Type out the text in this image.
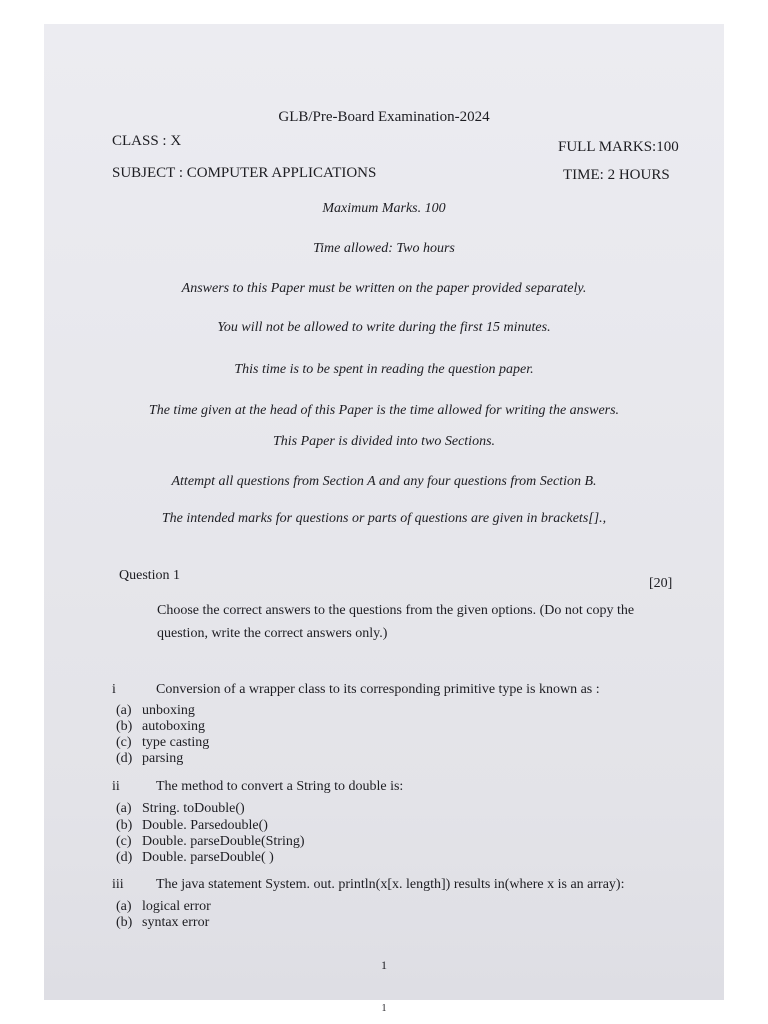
GLB/Pre-Board Examination-2024
CLASS : X	FULL MARKS:100
SUBJECT : COMPUTER APPLICATIONS	TIME: 2 HOURS
Maximum Marks. 100
Time allowed: Two hours
Answers to this Paper must be written on the paper provided separately.
You will not be allowed to write during the first 15 minutes.
This time is to be spent in reading the question paper.
The time given at the head of this Paper is the time allowed for writing the answers.
This Paper is divided into two Sections.
Attempt all questions from Section A and any four questions from Section B.
The intended marks for questions or parts of questions are given in brackets[].,
Question 1
[20]
Choose the correct answers to the questions from the given options. (Do not copy the
question, write the correct answers only.)
i	Conversion of a wrapper class to its corresponding primitive type is known as :
(a) unboxing
(b) autoboxing
(c) type casting
(d) parsing
ii	The method to convert a String to double is:
(a) String. toDouble()
(b) Double. Parsedouble()
(c) Double. parseDouble(String)
(d) Double. parseDouble( )
iii The java statement System. out. println(x[x. length]) results in(where x is an array):
(a) logical error
(b) syntax error
1
1
